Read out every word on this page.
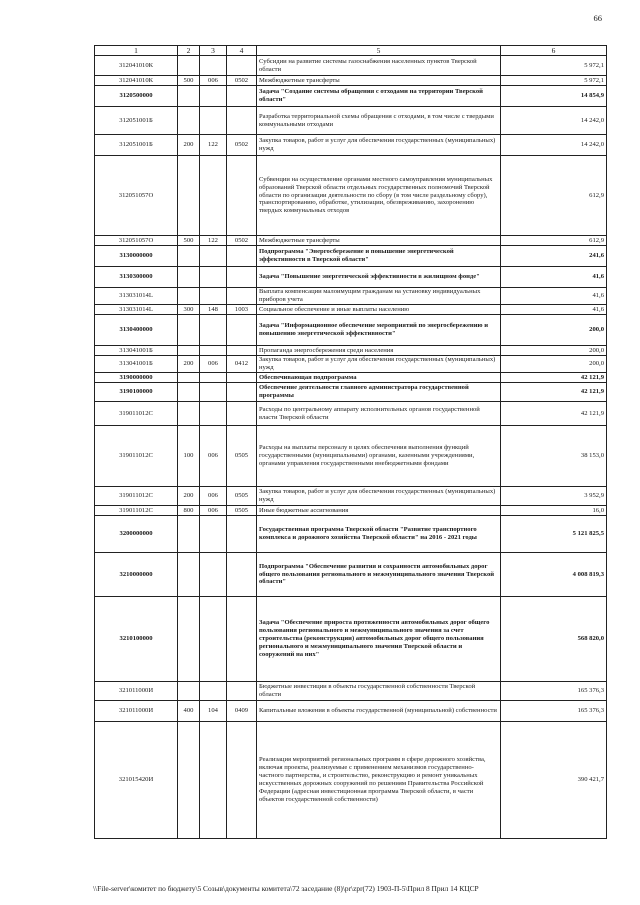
66
1	2	3	4	5	6
312041010К				Субсидии на развитие системы газоснабжения населенных пунктов Тверской области	5 972,1
312041010К	500	006	0502	Межбюджетные трансферты	5 972,1
3120500000				Задача "Создание системы обращения с отходами на территории Тверской области"	14 854,9
312051001Б				Разработка территориальной схемы обращения с отходами, в том числе с твердыми коммунальными отходами	14 242,0
312051001Б	200	122	0502	Закупка товаров, работ и услуг для обеспечения государственных (муниципальных) нужд	14 242,0
312051057О				Субвенции на осуществление органами местного самоуправления муниципальных образований Тверской области отдельных государственных полномочий Тверской области по организации деятельности по сбору (в том числе раздельному сбору), транспортированию, обработке, утилизации, обезвреживанию, захоронению твердых коммунальных отходов	612,9
312051057О	500	122	0502	Межбюджетные трансферты	612,9
3130000000				Подпрограмма "Энергосбережение и повышение энергетической эффективности в Тверской области"	241,6
3130300000				Задача "Повышение энергетической эффективности в жилищном фонде"	41,6
313031014L				Выплата компенсации малоимущим гражданам на установку индивидуальных приборов учета	41,6
313031014L	300	148	1003	Социальное обеспечение и иные выплаты населению	41,6
3130400000				Задача "Информационное обеспечение мероприятий по энергосбережению и повышению энергетической эффективности"	200,0
313041001Б				Пропаганда энергосбережения среди населения	200,0
313041001Б	200	006	0412	Закупка товаров, работ и услуг для обеспечения государственных (муниципальных) нужд	200,0
3190000000				Обеспечивающая подпрограмма	42 121,9
3190100000				Обеспечение деятельности главного администратора государственной программы	42 121,9
319011012С				Расходы по центральному аппарату исполнительных органов государственной власти Тверской области	42 121,9
319011012С	100	006	0505	Расходы на выплаты персоналу в целях обеспечения выполнения функций государственными (муниципальными) органами, казенными учреждениями, органами управления государственными внебюджетными фондами	38 153,0
319011012С	200	006	0505	Закупка товаров, работ и услуг для обеспечения государственных (муниципальных) нужд	3 952,9
319011012С	800	006	0505	Иные бюджетные ассигнования	16,0
3200000000				Государственная программа Тверской области "Развитие транспортного комплекса и дорожного хозяйства Тверской области" на 2016 - 2021 годы	5 121 825,5
3210000000				Подпрограмма "Обеспечение развития и сохранности автомобильных дорог общего пользования регионального и межмуниципального значения Тверской области"	4 008 819,3
3210100000				Задача "Обеспечение прироста протяженности автомобильных дорог общего пользования регионального и межмуниципального значения за счет строительства (реконструкции) автомобильных дорог общего пользования регионального и межмуниципального значения Тверской области и сооружений на них"	568 820,0
321011000И				Бюджетные инвестиции в объекты государственной собственности Тверской области	165 376,3
321011000И	400	104	0409	Капитальные вложения в объекты государственной (муниципальной) собственности	165 376,3
321015420И				Реализация мероприятий региональных программ в сфере дорожного хозяйства, включая проекты, реализуемые с применением механизмов государственно-частного партнерства, и строительство, реконструкцию и ремонт уникальных искусственных дорожных сооружений по решениям Правительства Российской Федерации (адресная инвестиционная программа Тверской области, в части объектов государственной собственности)	390 421,7
\\File-server\комитет по бюджету\5 Созыв\документы комитета\72 заседание (8)\pr\zpr(72) 1903-П-5\Прил 8 Прил 14 КЦСР
